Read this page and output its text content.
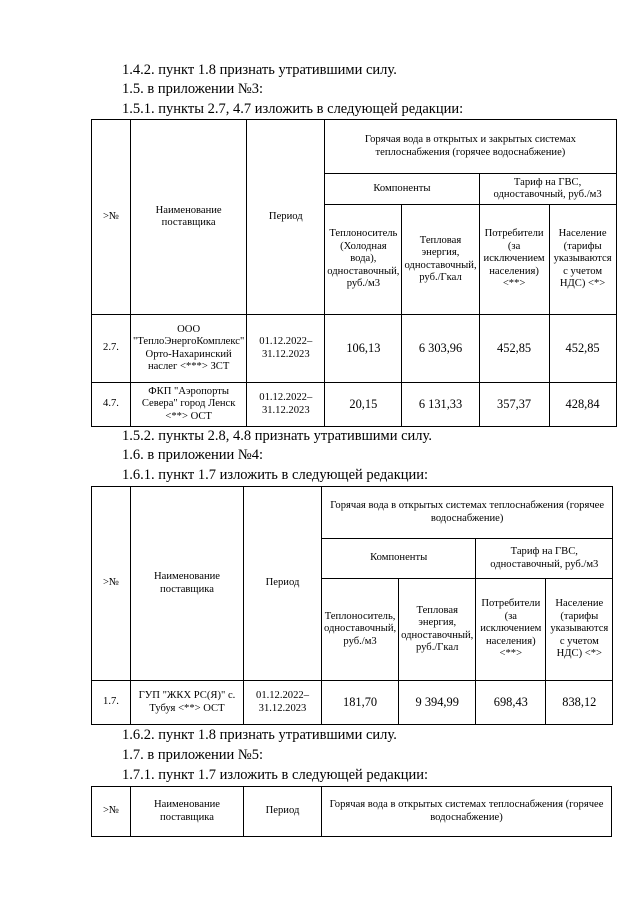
1.4.2. пункт 1.8 признать утратившими силу.
1.5. в приложении №3:
1.5.1. пункты 2.7, 4.7 изложить в следующей редакции:
>№	Наименование поставщика	Период	Горячая вода в открытых и закрытых системах теплоснабжения (горячее водоснабжение)			
			Компоненты		Тариф на ГВС, одноставочный, руб./м3	
			Теплоноситель (Холодная вода), одноставочный, руб./м3	Тепловая энергия, одноставочный, руб./Гкал	Потребители (за исключением населения) <**>	Население (тарифы указываются с учетом НДС) <*>
2.7.	ООО "ТеплоЭнергоКомплекс" Орто-Нахаринский наслег <***> ЗСТ	01.12.2022–31.12.2023	106,13	6 303,96	452,85	452,85
4.7.	ФКП "Аэропорты Севера" город Ленск <**> ОСТ	01.12.2022–31.12.2023	20,15	6 131,33	357,37	428,84
1.5.2. пункты 2.8, 4.8 признать утратившими силу.
1.6. в приложении №4:
1.6.1. пункт 1.7 изложить в следующей редакции:
>№	Наименование поставщика	Период	Горячая вода в открытых системах теплоснабжения (горячее водоснабжение)			
			Компоненты		Тариф на ГВС, одноставочный, руб./м3	
			Теплоноситель, одноставочный, руб./м3	Тепловая энергия, одноставочный, руб./Гкал	Потребители (за исключением населения) <**>	Население (тарифы указываются с учетом НДС) <*>
1.7.	ГУП "ЖКХ РС(Я)" с. Тубуя <**> ОСТ	01.12.2022–31.12.2023	181,70	9 394,99	698,43	838,12
1.6.2. пункт 1.8 признать утратившими силу.
1.7. в приложении №5:
1.7.1. пункт 1.7 изложить в следующей редакции:
>№	Наименование поставщика	Период	Горячая вода в открытых системах теплоснабжения (горячее водоснабжение)
